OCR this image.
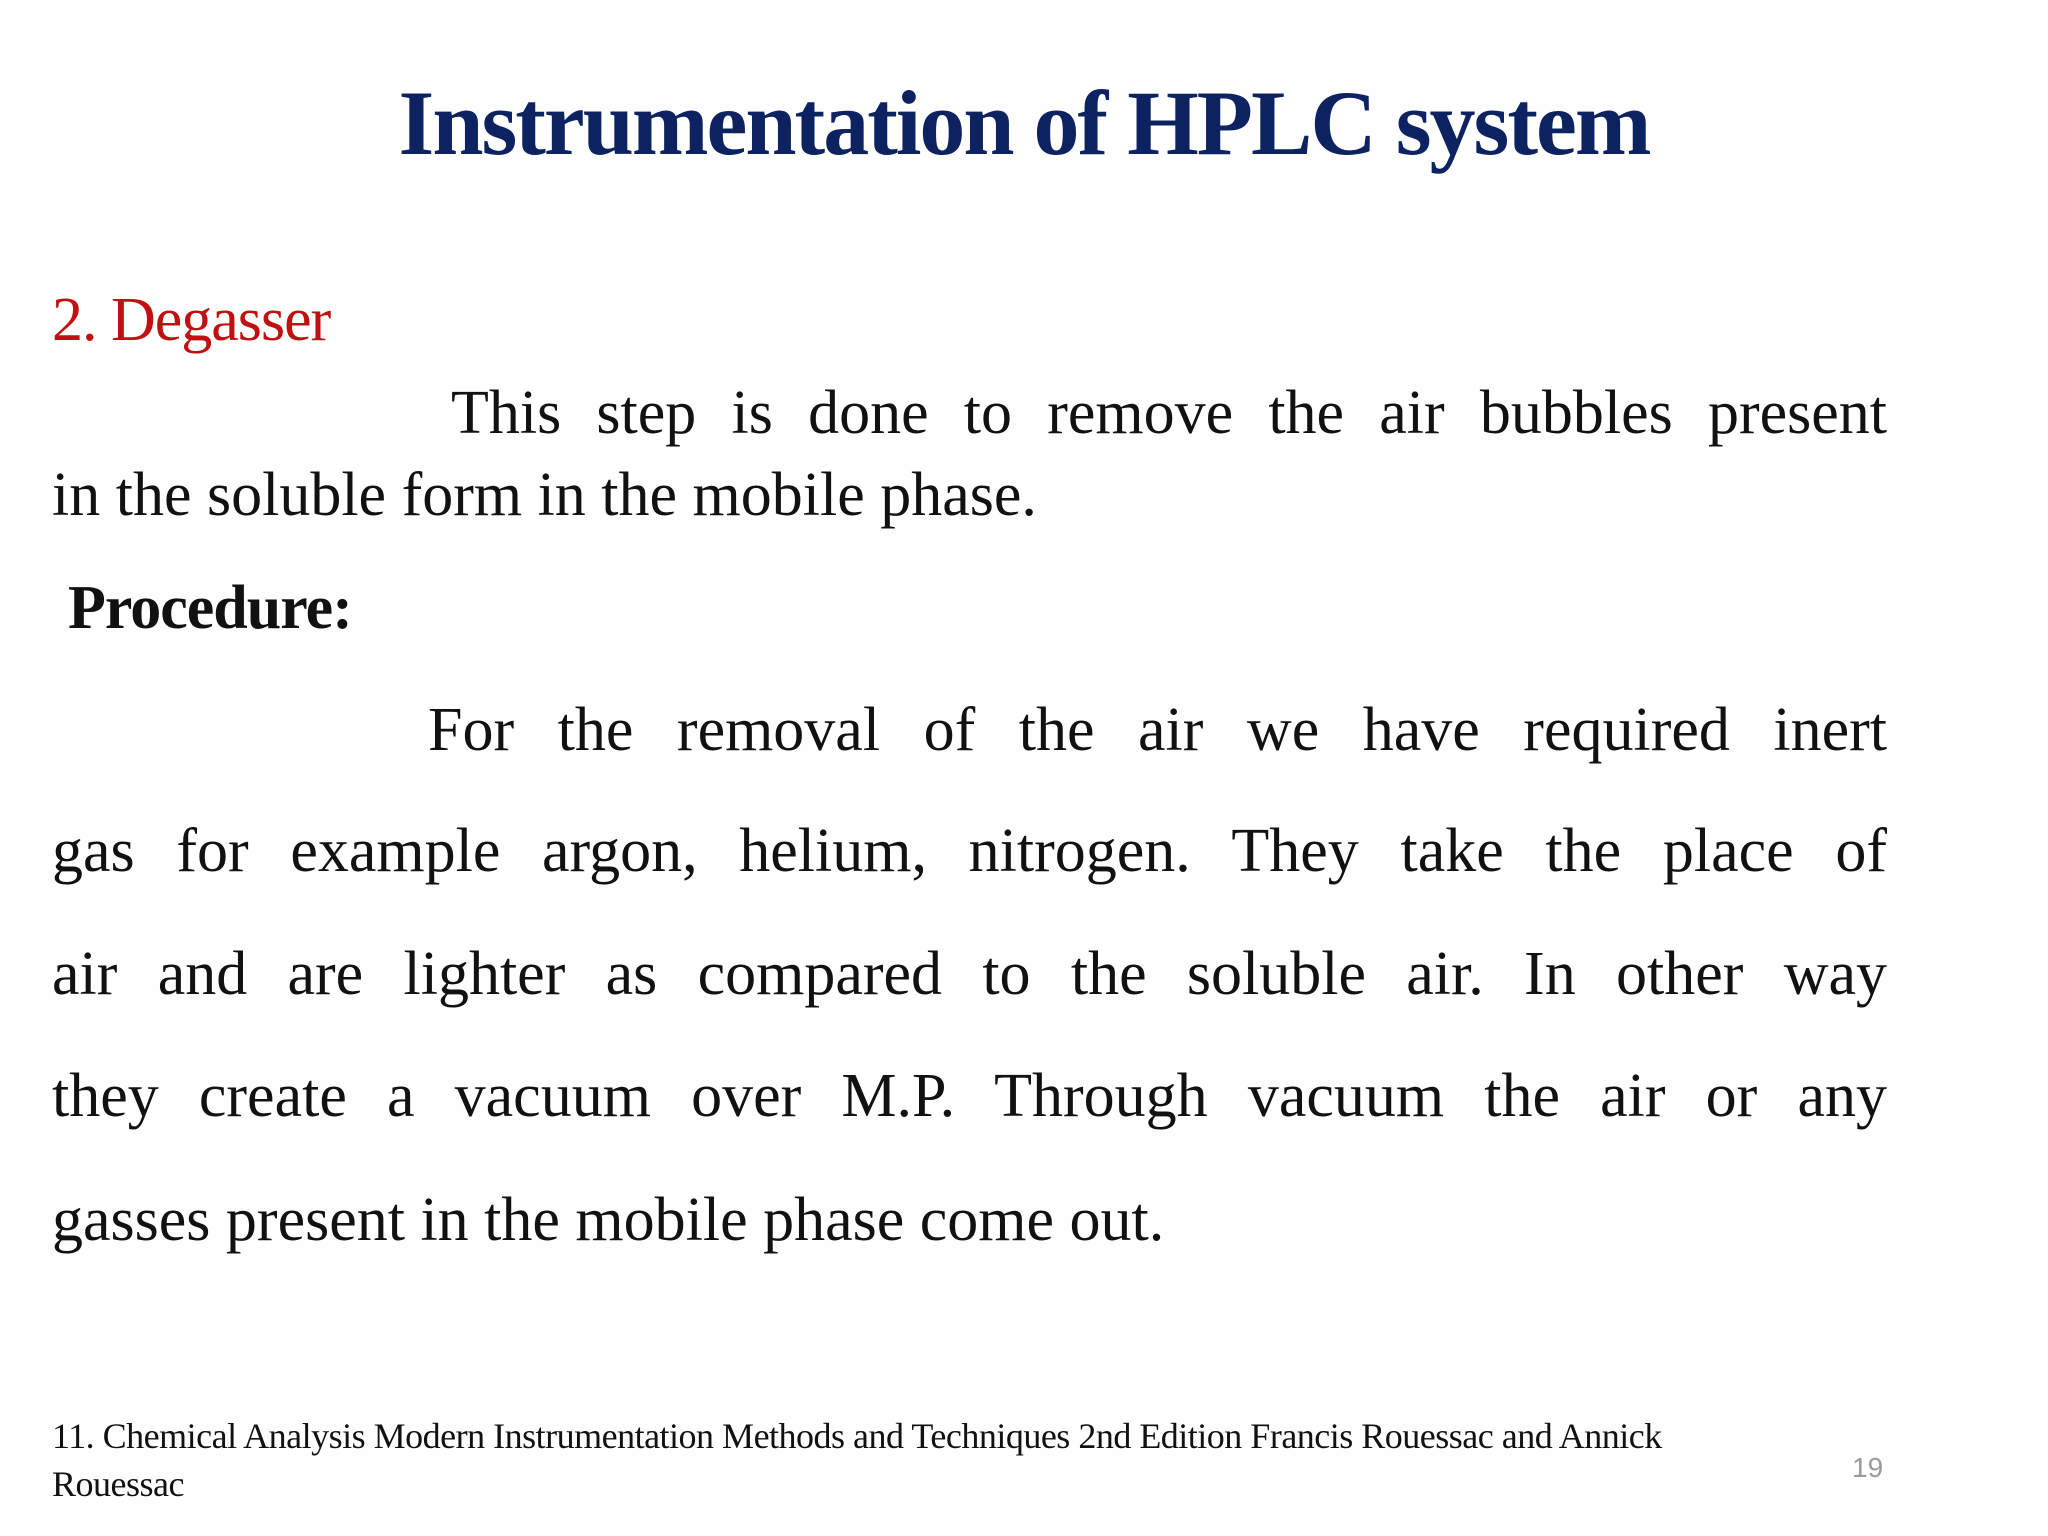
Instrumentation of HPLC system
2. Degasser
This step is done to remove the air bubbles present
in the soluble form in the mobile phase.
Procedure:
For the removal of the air we have required inert
gas for example argon, helium, nitrogen. They take the place of
air and are lighter as compared to the soluble air. In other way
they create a vacuum over M.P. Through vacuum the air or any
gasses present in the mobile phase come out.
11. Chemical Analysis Modern Instrumentation Methods and Techniques 2nd Edition Francis Rouessac and Annick
Rouessac	19
